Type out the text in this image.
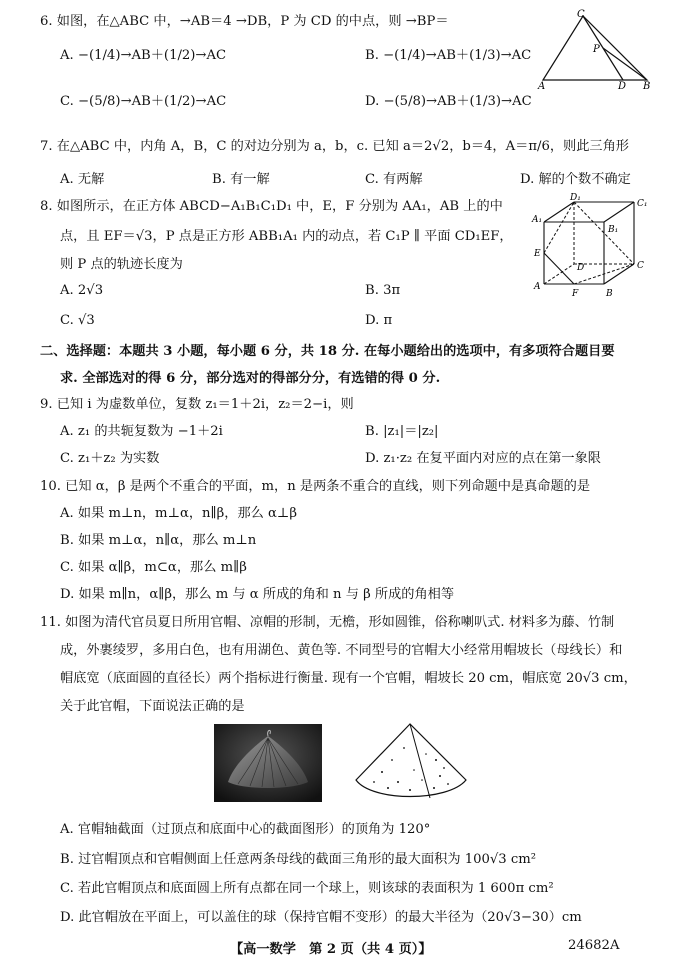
6. 如图，在△ABC 中，→AB＝4 →DB，P 为 CD 的中点，则 →BP＝
A. −(1/4)→AB＋(1/2)→AC	B. −(1/4)→AB＋(1/3)→AC
C. −(5/8)→AB＋(1/2)→AC	D. −(5/8)→AB＋(1/3)→AC
C
P
A	D B
7. 在△ABC 中，内角 A，B，C 的对边分别为 a，b，c. 已知 a＝2√2，b＝4，A＝π/6，则此三角形
A. 无解	B. 有一解	C. 有两解	D. 解的个数不确定
8. 如图所示，在正方体 ABCD−A₁B₁C₁D₁ 中，E，F 分别为 AA₁，AB 上的中
点，且 EF＝√3，P 点是正方形 ABB₁A₁ 内的动点，若 C₁P ∥ 平面 CD₁EF，
则 P 点的轨迹长度为
A. 2√3	B. 3π
C. √3	D. π
D₁
C₁
A₁
B₁
E
D	C
A
F	B
二、选择题：本题共 3 小题，每小题 6 分，共 18 分. 在每小题给出的选项中，有多项符合题目要
求. 全部选对的得 6 分，部分选对的得部分分，有选错的得 0 分.
9. 已知 i 为虚数单位，复数 z₁＝1＋2i，z₂＝2−i，则
A. z₁ 的共轭复数为 −1＋2i	B. |z₁|＝|z₂|
C. z₁＋z₂ 为实数	D. z₁·z₂ 在复平面内对应的点在第一象限
10. 已知 α，β 是两个不重合的平面，m，n 是两条不重合的直线，则下列命题中是真命题的是
A. 如果 m⊥n，m⊥α，n∥β，那么 α⊥β
B. 如果 m⊥α，n∥α，那么 m⊥n
C. 如果 α∥β，m⊂α，那么 m∥β
D. 如果 m∥n，α∥β，那么 m 与 α 所成的角和 n 与 β 所成的角相等
11. 如图为清代官员夏日所用官帽、凉帽的形制，无檐，形如圆锥，俗称喇叭式. 材料多为藤、竹制
成，外裹绫罗，多用白色，也有用湖色、黄色等. 不同型号的官帽大小经常用帽坡长（母线长）和
帽底宽（底面圆的直径长）两个指标进行衡量. 现有一个官帽，帽坡长 20 cm，帽底宽 20√3 cm，
关于此官帽，下面说法正确的是
A. 官帽轴截面（过顶点和底面中心的截面图形）的顶角为 120°
B. 过官帽顶点和官帽侧面上任意两条母线的截面三角形的最大面积为 100√3 cm²
C. 若此官帽顶点和底面圆上所有点都在同一个球上，则该球的表面积为 1 600π cm²
D. 此官帽放在平面上，可以盖住的球（保持官帽不变形）的最大半径为（20√3−30）cm
【高一数学　第 2 页（共 4 页）】	24682A
